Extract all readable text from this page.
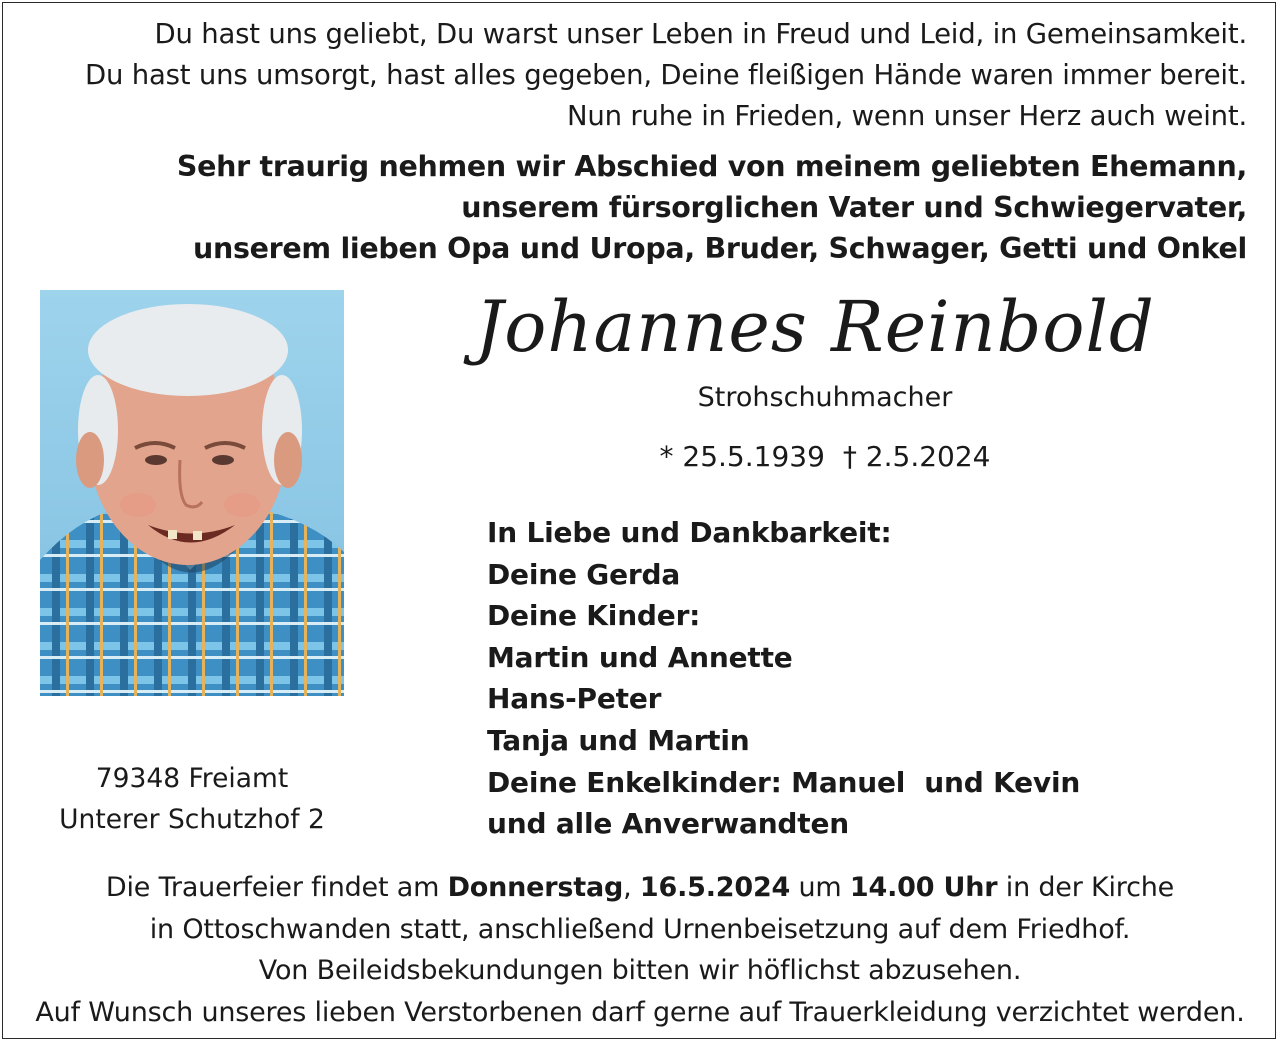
Du hast uns geliebt, Du warst unser Leben in Freud und Leid, in Gemeinsamkeit.
Du hast uns umsorgt, hast alles gegeben, Deine fleißigen Hände waren immer bereit.
Nun ruhe in Frieden, wenn unser Herz auch weint.
Sehr traurig nehmen wir Abschied von meinem geliebten Ehemann,
unserem fürsorglichen Vater und Schwiegervater,
unserem lieben Opa und Uropa, Bruder, Schwager, Getti und Onkel
Johannes Reinbold
Strohschuhmacher
* 25.5.1939 † 2.5.2024
In Liebe und Dankbarkeit:
Deine Gerda
Deine Kinder:
Martin und Annette
Hans-Peter
Tanja und Martin
Deine Enkelkinder: Manuel  und Kevin
und alle Anverwandten
79348 Freiamt
Unterer Schutzhof 2
Die Trauerfeier findet am Donnerstag, 16.5.2024 um 14.00 Uhr in der Kirche
in Ottoschwanden statt, anschließend Urnenbeisetzung auf dem Friedhof.
Von Beileidsbekundungen bitten wir höflichst abzusehen.
Auf Wunsch unseres lieben Verstorbenen darf gerne auf Trauerkleidung verzichtet werden.
